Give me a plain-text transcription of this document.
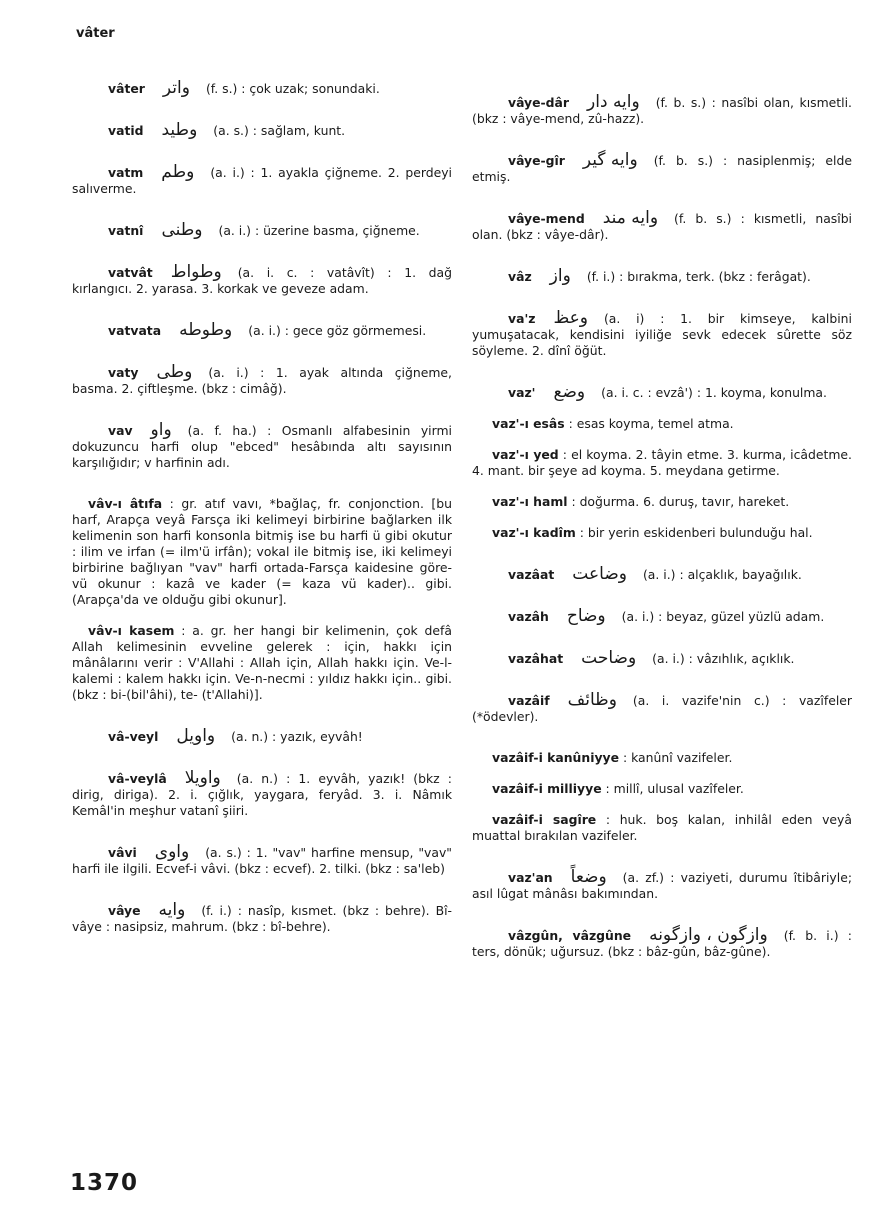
vâter
vâter واتر (f. s.) : çok uzak; sonundaki.
vatid وطيد (a. s.) : sağlam, kunt.
vatm وطم (a. i.) : 1. ayakla çiğneme. 2. perdeyi salıverme.
vatnî وطنى (a. i.) : üzerine basma, çiğneme.
vatvât وطواط (a. i. c. : vatâvît) : 1. dağ kırlangıcı. 2. yarasa. 3. korkak ve geveze adam.
vatvata وطوطه (a. i.) : gece göz görmemesi.
vaty وطى (a. i.) : 1. ayak altında çiğneme, basma. 2. çiftleşme. (bkz : cimâğ).
vav واو (a. f. ha.) : Osmanlı alfabesinin yirmi dokuzuncu harfi olup "ebced" hesâbında altı sayısının karşılığıdır; v harfinin adı.
vâv-ı âtıfa : gr. atıf vavı, *bağlaç, fr. conjonction. [bu harf, Arapça veyâ Farsça iki kelimeyi birbirine bağlarken ilk kelimenin son harfi konsonla bitmiş ise bu harfi ü gibi okutur : ilim ve irfan (= ilm'ü irfân); vokal ile bitmiş ise, iki kelimeyi birbirine bağlıyan "vav" harfi ortada-Farsça kaidesine göre-vü okunur : kazâ ve kader (= kaza vü kader).. gibi. (Arapça'da ve olduğu gibi okunur].
vâv-ı kasem : a. gr. her hangi bir kelimenin, çok defâ Allah kelimesinin evveline gelerek : için, hakkı için mânâlarını verir : V'Allahi : Allah için, Allah hakkı için. Ve-l-kalemi : kalem hakkı için. Ve-n-necmi : yıldız hakkı için.. gibi. (bkz : bi-(bil'âhi), te- (t'Allahi)].
vâ-veyl واويل (a. n.) : yazık, eyvâh!
vâ-veylâ واويلا (a. n.) : 1. eyvâh, yazık! (bkz : dirig, diriga). 2. i. çığlık, yaygara, feryâd. 3. i. Nâmık Kemâl'in meşhur vatanî şiiri.
vâvi واوى (a. s.) : 1. "vav" harfine mensup, "vav" harfi ile ilgili. Ecvef-i vâvi. (bkz : ecvef). 2. tilki. (bkz : sa'leb)
vâye وايه (f. i.) : nasîp, kısmet. (bkz : behre). Bî-vâye : nasipsiz, mahrum. (bkz : bî-behre).
vâye-dâr وايه دار (f. b. s.) : nasîbi olan, kısmetli. (bkz : vâye-mend, zû-hazz).
vâye-gîr وايه گير (f. b. s.) : nasiplenmiş; elde etmiş.
vâye-mend وايه مند (f. b. s.) : kısmetli, nasîbi olan. (bkz : vâye-dâr).
vâz واز (f. i.) : bırakma, terk. (bkz : ferâgat).
va'z وعظ (a. i) : 1. bir kimseye, kalbini yumuşatacak, kendisini iyiliğe sevk edecek sûrette söz söyleme. 2. dînî öğüt.
vaz' وضع (a. i. c. : evzâ') : 1. koyma, konulma.
vaz'-ı esâs : esas koyma, temel atma.
vaz'-ı yed : el koyma. 2. tâyin etme. 3. kurma, icâdetme. 4. mant. bir şeye ad koyma. 5. meydana getirme.
vaz'-ı haml : doğurma. 6. duruş, tavır, hareket.
vaz'-ı kadîm : bir yerin eskidenberi bulunduğu hal.
vazâat وضاعت (a. i.) : alçaklık, bayağılık.
vazâh وضاح (a. i.) : beyaz, güzel yüzlü adam.
vazâhat وضاحت (a. i.) : vâzıhlık, açıklık.
vazâif وظائف (a. i. vazife'nin c.) : vazîfeler (*ödevler).
vazâif-i kanûniyye : kanûnî vazifeler.
vazâif-i milliyye : millî, ulusal vazîfeler.
vazâif-i sagîre : huk. boş kalan, inhilâl eden veyâ muattal bırakılan vazifeler.
vaz'an وضعاً (a. zf.) : vaziyeti, durumu îtibâriyle; asıl lûgat mânâsı bakımından.
vâzgûn, vâzgûne وازگون ، وازگونه (f. b. i.) : ters, dönük; uğursuz. (bkz : bâz-gûn, bâz-gûne).
1370
